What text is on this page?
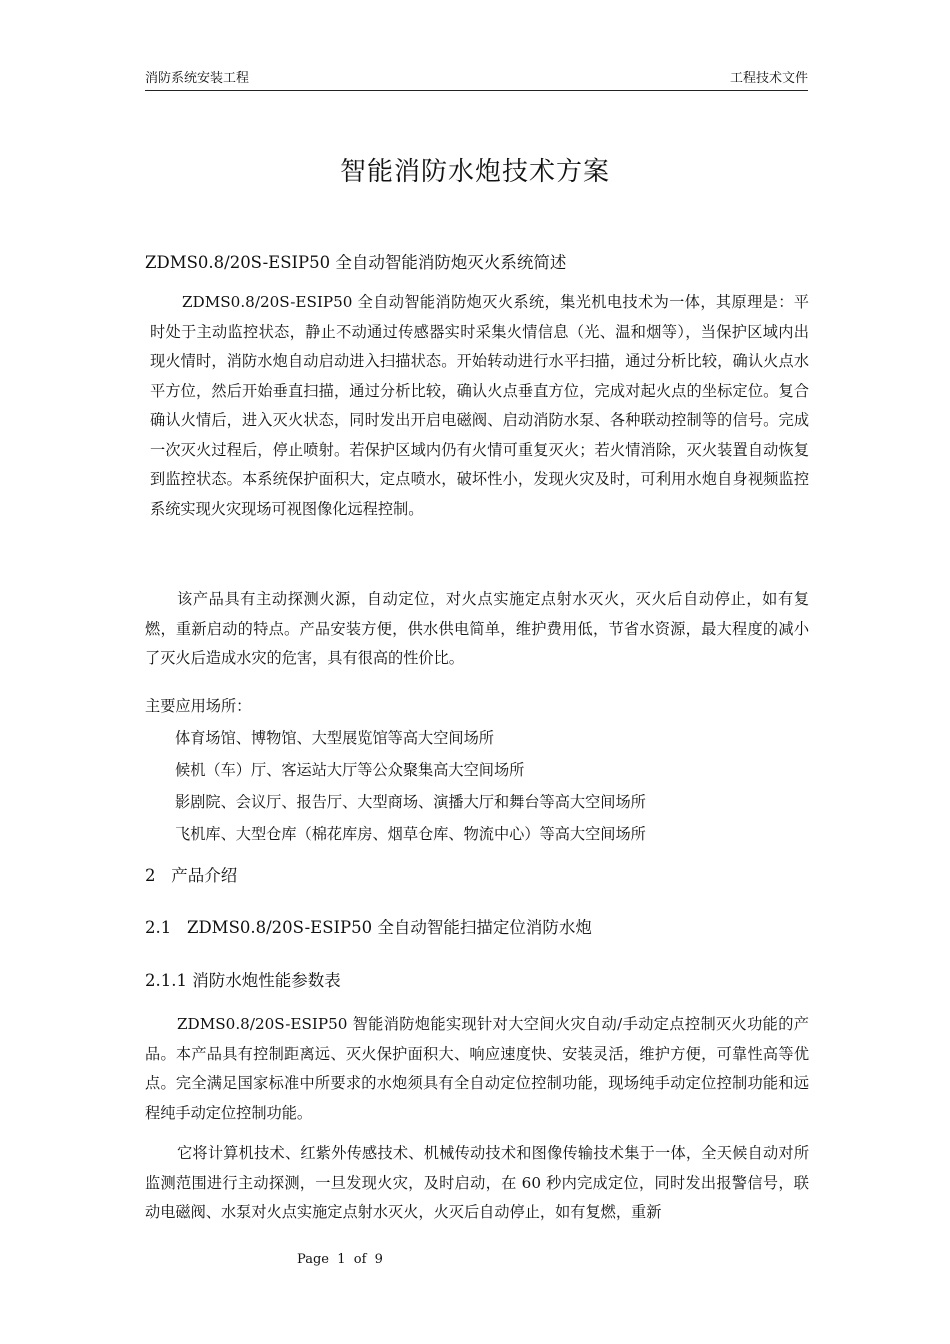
消防系统安装工程	工程技术文件
智能消防水炮技术方案
ZDMS0.8/20S-ESIP50 全自动智能消防炮灭火系统简述
ZDMS0.8/20S-ESIP50 全自动智能消防炮灭火系统，集光机电技术为一体，其原理是：平时处于主动监控状态，静止不动通过传感器实时采集火情信息（光、温和烟等），当保护区域内出现火情时，消防水炮自动启动进入扫描状态。开始转动进行水平扫描，通过分析比较，确认火点水平方位，然后开始垂直扫描，通过分析比较，确认火点垂直方位，完成对起火点的坐标定位。复合确认火情后，进入灭火状态，同时发出开启电磁阀、启动消防水泵、各种联动控制等的信号。完成一次灭火过程后，停止喷射。若保护区域内仍有火情可重复灭火；若火情消除，灭火装置自动恢复到监控状态。本系统保护面积大，定点喷水，破坏性小，发现火灾及时，可利用水炮自身视频监控系统实现火灾现场可视图像化远程控制。
该产品具有主动探测火源，自动定位，对火点实施定点射水灭火，灭火后自动停止，如有复燃，重新启动的特点。产品安装方便，供水供电简单，维护费用低，节省水资源，最大程度的减小了灭火后造成水灾的危害，具有很高的性价比。
主要应用场所：
体育场馆、博物馆、大型展览馆等高大空间场所
候机（车）厅、客运站大厅等公众聚集高大空间场所
影剧院、会议厅、报告厅、大型商场、演播大厅和舞台等高大空间场所
飞机库、大型仓库（棉花库房、烟草仓库、物流中心）等高大空间场所
2   产品介绍
2.1   ZDMS0.8/20S-ESIP50 全自动智能扫描定位消防水炮
2.1.1 消防水炮性能参数表
ZDMS0.8/20S-ESIP50 智能消防炮能实现针对大空间火灾自动/手动定点控制灭火功能的产品。本产品具有控制距离远、灭火保护面积大、响应速度快、安装灵活，维护方便，可靠性高等优点。完全满足国家标准中所要求的水炮须具有全自动定位控制功能，现场纯手动定位控制功能和远程纯手动定位控制功能。
它将计算机技术、红紫外传感技术、机械传动技术和图像传输技术集于一体，全天候自动对所监测范围进行主动探测，一旦发现火灾，及时启动，在 60 秒内完成定位，同时发出报警信号，联动电磁阀、水泵对火点实施定点射水灭火，火灭后自动停止，如有复燃，重新
Page  1  of  9
